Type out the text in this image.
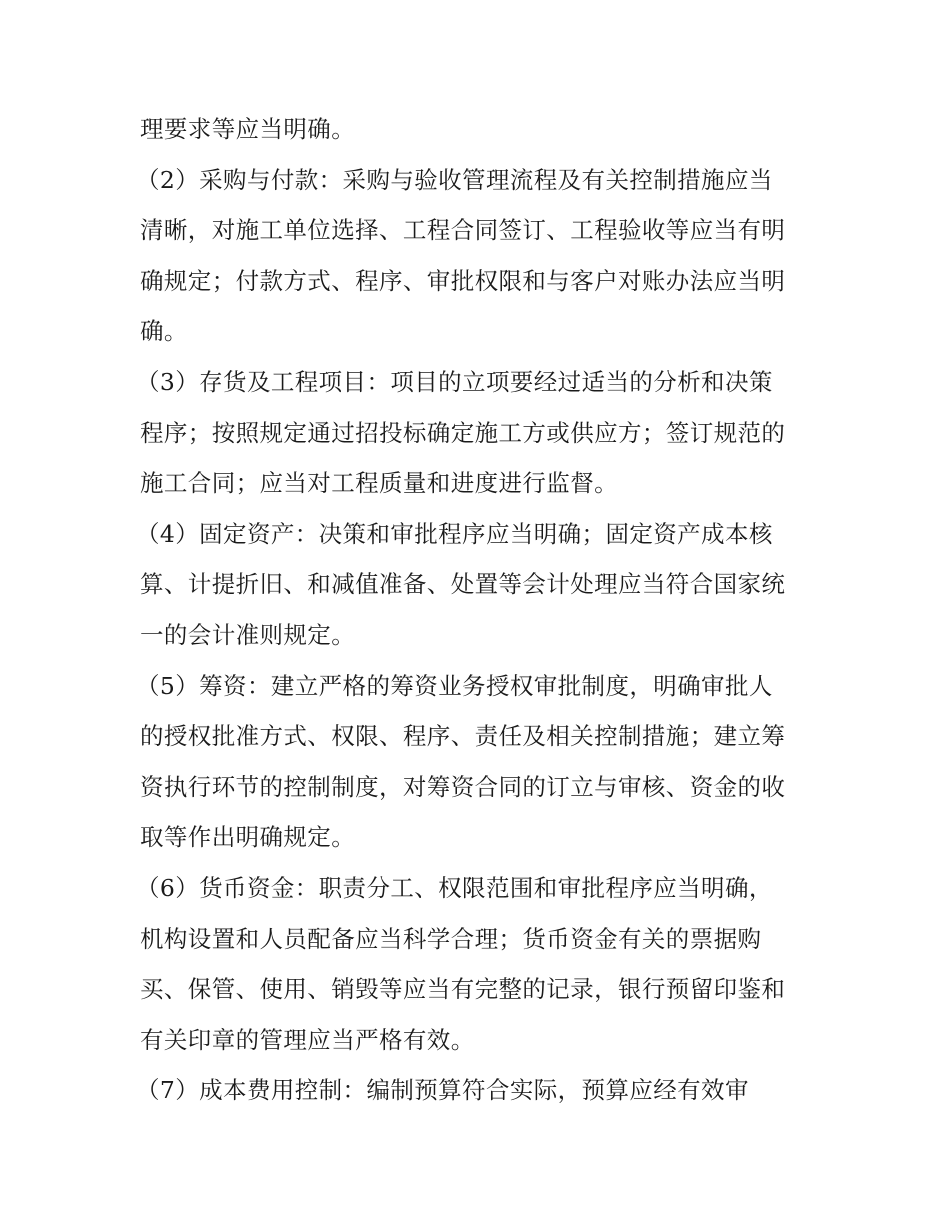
理要求等应当明确。
（2）采购与付款：采购与验收管理流程及有关控制措施应当
清晰，对施工单位选择、工程合同签订、工程验收等应当有明
确规定；付款方式、程序、审批权限和与客户对账办法应当明
确。
（3）存货及工程项目：项目的立项要经过适当的分析和决策
程序；按照规定通过招投标确定施工方或供应方；签订规范的
施工合同；应当对工程质量和进度进行监督。
（4）固定资产：决策和审批程序应当明确；固定资产成本核
算、计提折旧、和减值准备、处置等会计处理应当符合国家统
一的会计准则规定。
（5）筹资：建立严格的筹资业务授权审批制度，明确审批人
的授权批准方式、权限、程序、责任及相关控制措施；建立筹
资执行环节的控制制度，对筹资合同的订立与审核、资金的收
取等作出明确规定。
（6）货币资金：职责分工、权限范围和审批程序应当明确，
机构设置和人员配备应当科学合理；货币资金有关的票据购
买、保管、使用、销毁等应当有完整的记录，银行预留印鉴和
有关印章的管理应当严格有效。
（7）成本费用控制：编制预算符合实际，预算应经有效审
